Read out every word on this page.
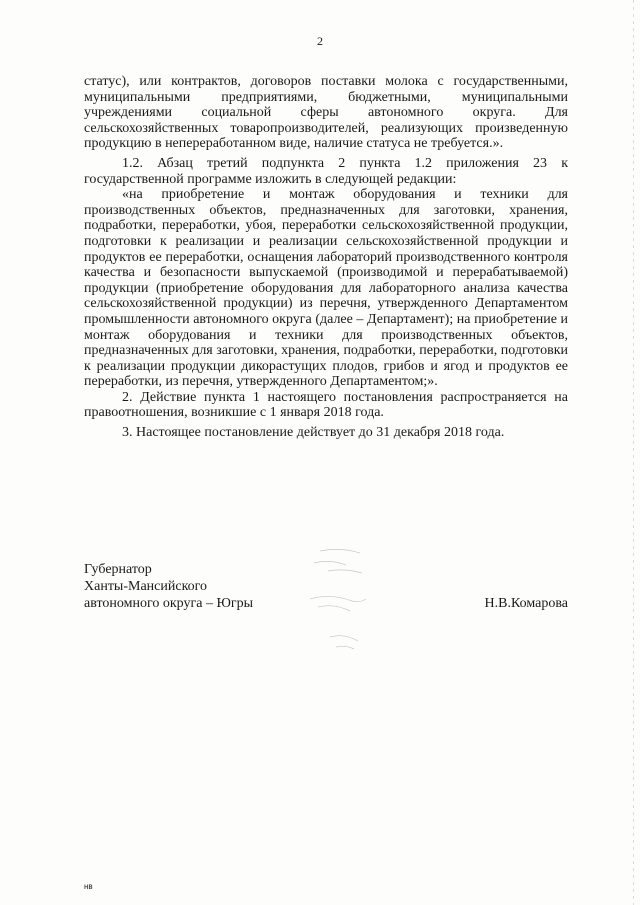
2

статус), или контрактов, договоров поставки молока с государственными, муниципальными предприятиями, бюджетными, муниципальными учреждениями социальной сферы автономного округа. Для сельскохозяйственных товаропроизводителей, реализующих произведенную продукцию в непереработанном виде, наличие статуса не требуется.».

1.2. Абзац третий подпункта 2 пункта 1.2 приложения 23 к государственной программе изложить в следующей редакции:

«на приобретение и монтаж оборудования и техники для производственных объектов, предназначенных для заготовки, хранения, подработки, переработки, убоя, переработки сельскохозяйственной продукции, подготовки к реализации и реализации сельскохозяйственной продукции и продуктов ее переработки, оснащения лабораторий производственного контроля качества и безопасности выпускаемой (производимой и перерабатываемой) продукции (приобретение оборудования для лабораторного анализа качества сельскохозяйственной продукции) из перечня, утвержденного Департаментом промышленности автономного округа (далее – Департамент); на приобретение и монтаж оборудования и техники для производственных объектов, предназначенных для заготовки, хранения, подработки, переработки, подготовки к реализации продукции дикорастущих плодов, грибов и ягод и продуктов ее переработки, из перечня, утвержденного Департаментом;».

2. Действие пункта 1 настоящего постановления распространяется на правоотношения, возникшие с 1 января 2018 года.

3. Настоящее постановление действует до 31 декабря 2018 года.

Губернатор
Ханты-Мансийского
автономного округа – Югры	Н.В.Комарова
нв
